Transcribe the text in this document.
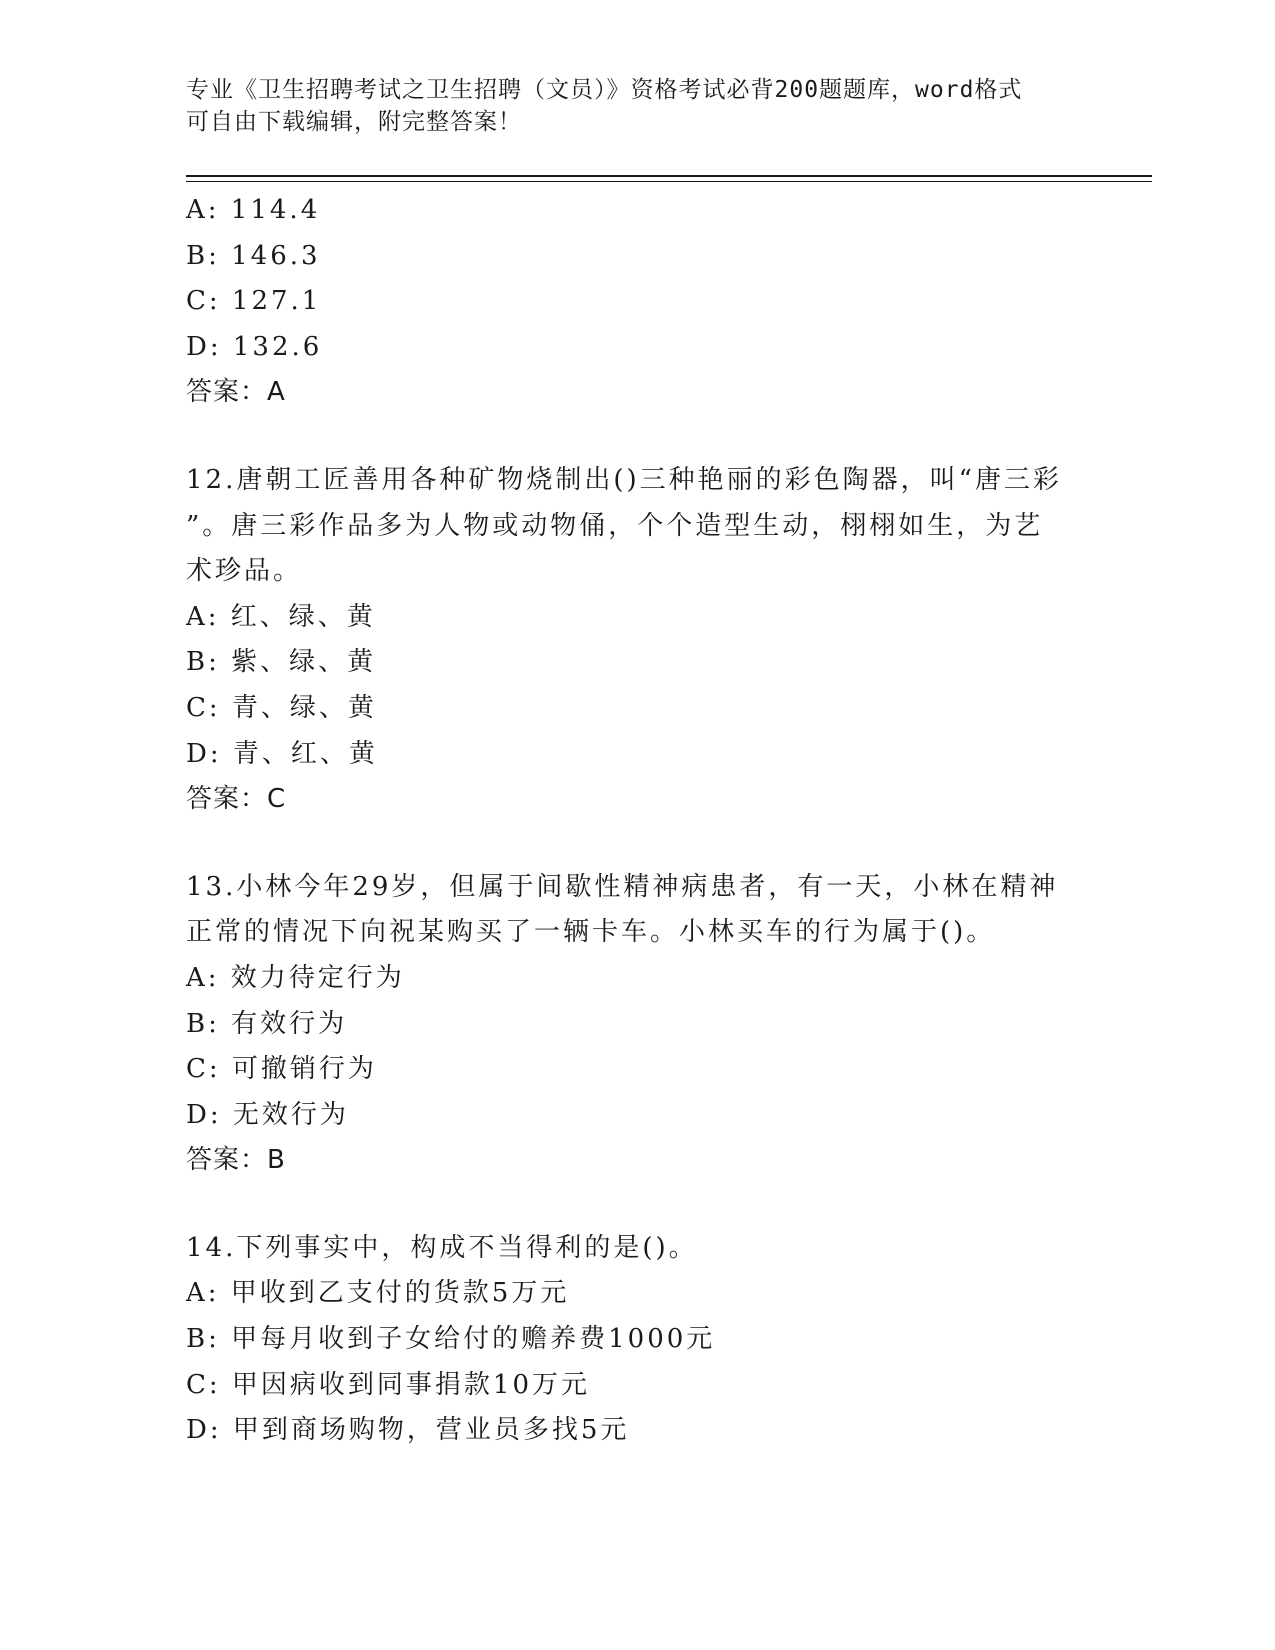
专业《卫生招聘考试之卫生招聘（文员）》资格考试必背200题题库，word格式
可自由下载编辑，附完整答案！
A: 114.4
B: 146.3
C: 127.1
D: 132.6
答案：A
12.唐朝工匠善用各种矿物烧制出()三种艳丽的彩色陶器，叫“唐三彩
”。唐三彩作品多为人物或动物俑，个个造型生动，栩栩如生，为艺
术珍品。
A: 红、绿、黄
B: 紫、绿、黄
C: 青、绿、黄
D: 青、红、黄
答案：C
13.小林今年29岁，但属于间歇性精神病患者，有一天，小林在精神
正常的情况下向祝某购买了一辆卡车。小林买车的行为属于()。
A: 效力待定行为
B: 有效行为
C: 可撤销行为
D: 无效行为
答案：B
14.下列事实中，构成不当得利的是()。
A: 甲收到乙支付的货款5万元
B: 甲每月收到子女给付的赡养费1000元
C: 甲因病收到同事捐款10万元
D: 甲到商场购物，营业员多找5元
